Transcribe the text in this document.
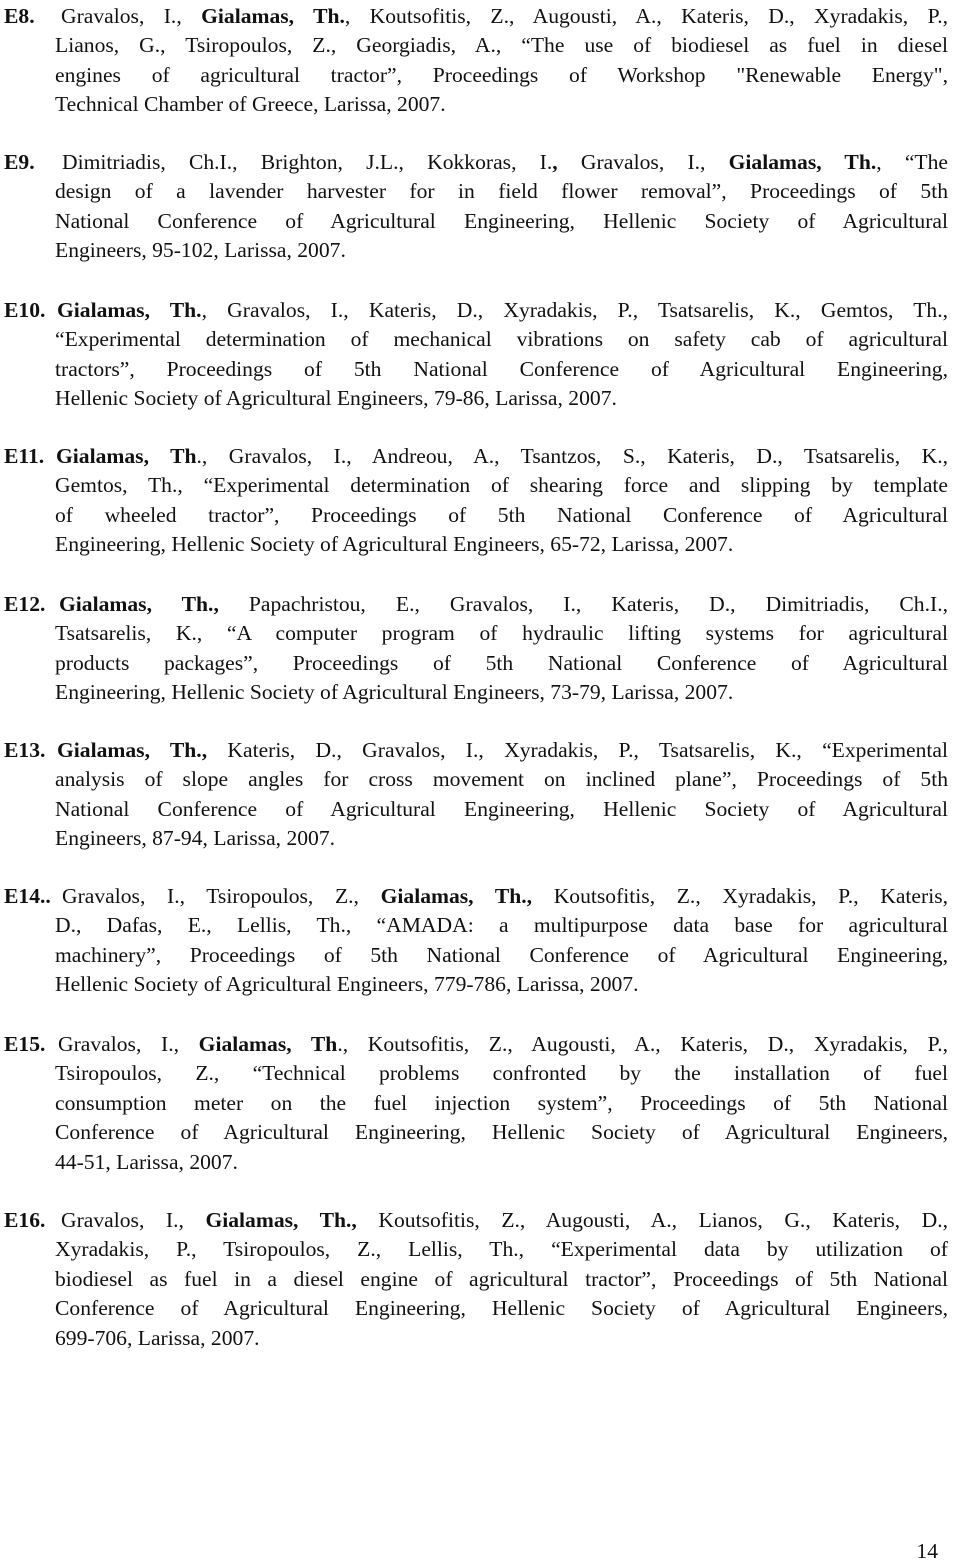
E8.	Gravalos, I., Gialamas, Th., Koutsofitis, Z., Augousti, A., Kateris, D., Xyradakis, P.,
Lianos, G., Tsiropoulos, Z., Georgiadis, A., “The use of biodiesel as fuel in diesel
engines of agricultural tractor”, Proceedings of Workshop "Renewable Energy",
Technical Chamber of Greece, Larissa, 2007.
E9.	Dimitriadis, Ch.I., Brighton, J.L., Kokkoras, I., Gravalos, I., Gialamas, Th., “The
design of a lavender harvester for in field flower removal”, Proceedings of 5th
National Conference of Agricultural Engineering, Hellenic Society of Agricultural
Engineers, 95-102, Larissa, 2007.
E10. Gialamas, Th., Gravalos, I., Kateris, D., Xyradakis, P., Tsatsarelis, K., Gemtos, Th.,
“Experimental determination of mechanical vibrations on safety cab of agricultural
tractors”, Proceedings of 5th National Conference of Agricultural Engineering,
Hellenic Society of Agricultural Engineers, 79-86, Larissa, 2007.
E11. Gialamas, Th., Gravalos, I., Andreou, A., Tsantzos, S., Kateris, D., Tsatsarelis, K.,
Gemtos, Th., “Experimental determination of shearing force and slipping by template
of wheeled tractor”, Proceedings of 5th National Conference of Agricultural
Engineering, Hellenic Society of Agricultural Engineers, 65-72, Larissa, 2007.
E12. Gialamas, Th., Papachristou, E., Gravalos, I., Kateris, D., Dimitriadis, Ch.I.,
Tsatsarelis, K., “A computer program of hydraulic lifting systems for agricultural
products packages”, Proceedings of 5th National Conference of Agricultural
Engineering, Hellenic Society of Agricultural Engineers, 73-79, Larissa, 2007.
E13. Gialamas, Th., Kateris, D., Gravalos, I., Xyradakis, P., Tsatsarelis, K., “Experimental
analysis of slope angles for cross movement on inclined plane”, Proceedings of 5th
National Conference of Agricultural Engineering, Hellenic Society of Agricultural
Engineers, 87-94, Larissa, 2007.
E14.. Gravalos, I., Tsiropoulos, Z., Gialamas, Th., Koutsofitis, Z., Xyradakis, P., Kateris,
D., Dafas, E., Lellis, Th., “AMADA: a multipurpose data base for agricultural
machinery”, Proceedings of 5th National Conference of Agricultural Engineering,
Hellenic Society of Agricultural Engineers, 779-786, Larissa, 2007.
E15. Gravalos, I., Gialamas, Th., Koutsofitis, Z., Augousti, A., Kateris, D., Xyradakis, P.,
Tsiropoulos, Z., “Technical problems confronted by the installation of fuel
consumption meter on the fuel injection system”, Proceedings of 5th National
Conference of Agricultural Engineering, Hellenic Society of Agricultural Engineers,
44-51, Larissa, 2007.
E16. Gravalos, I., Gialamas, Th., Koutsofitis, Z., Augousti, A., Lianos, G., Kateris, D.,
Xyradakis, P., Tsiropoulos, Z., Lellis, Th., “Experimental data by utilization of
biodiesel as fuel in a diesel engine of agricultural tractor”, Proceedings of 5th National
Conference of Agricultural Engineering, Hellenic Society of Agricultural Engineers,
699-706, Larissa, 2007.
14
